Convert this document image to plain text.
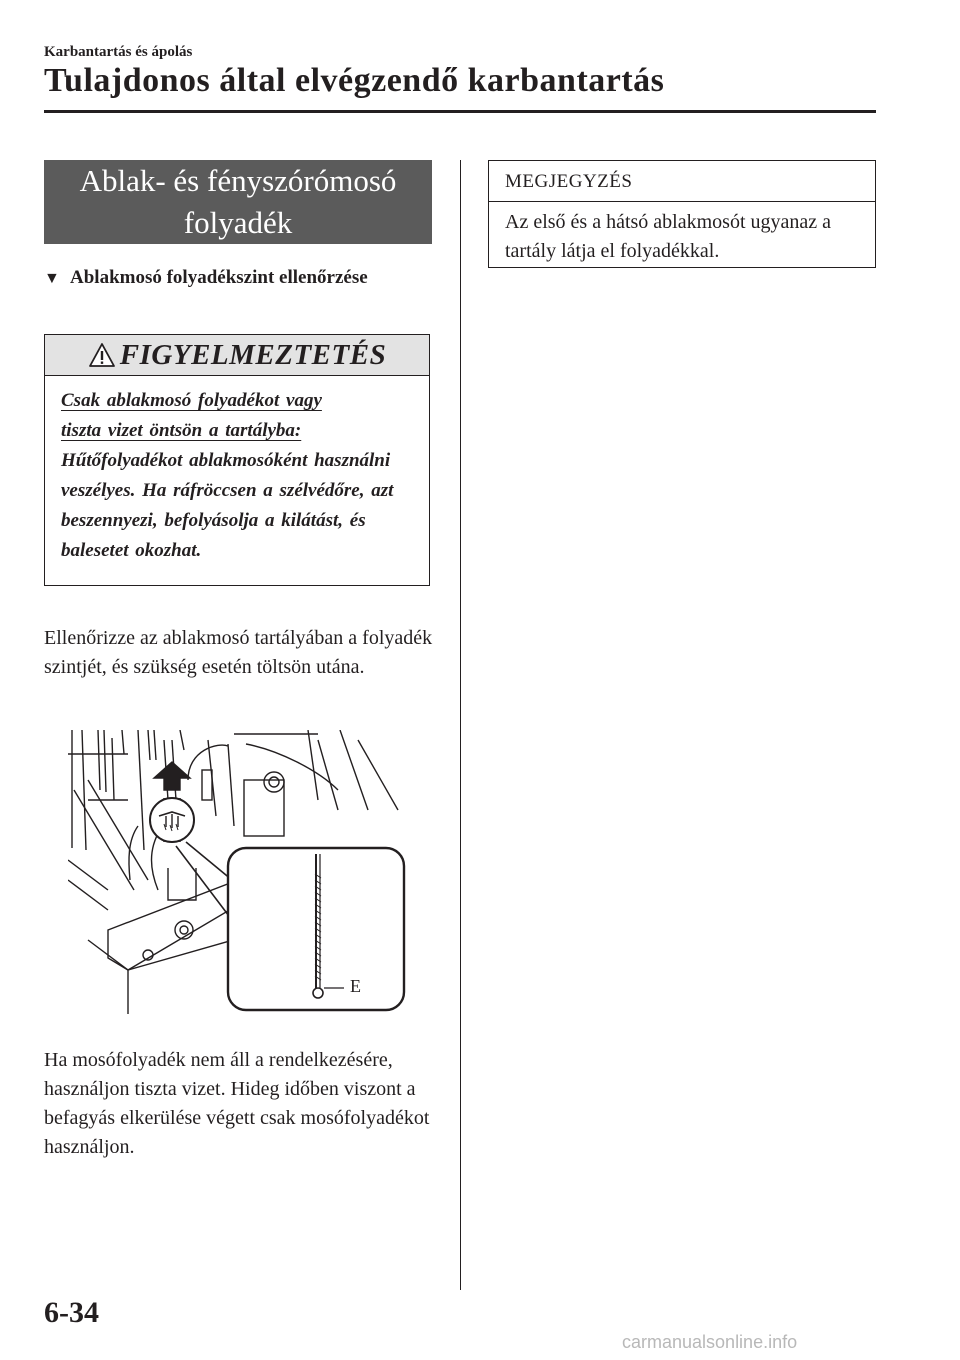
Karbantartás és ápolás
Tulajdonos által elvégzendő karbantartás
Ablak- és fényszórómosó folyadék
▼ Ablakmosó folyadékszint ellenőrzése
FIGYELMEZTETÉS
Csak ablakmosó folyadékot vagy
tiszta vizet öntsön a tartályba:
Hűtőfolyadékot ablakmosóként használni veszélyes. Ha ráfröccsen a szélvédőre, azt beszennyezi, befolyásolja a kilátást, és balesetet okozhat.
Ellenőrizze az ablakmosó tartályában a folyadék szintjét, és szükség esetén töltsön utána.
E
Ha mosófolyadék nem áll a rendelkezésére, használjon tiszta vizet. Hideg időben viszont a befagyás elkerülése végett csak mosófolyadékot használjon.
MEGJEGYZÉS
Az első és a hátsó ablakmosót ugyanaz a tartály látja el folyadékkal.
6-34
carmanualsonline.info
